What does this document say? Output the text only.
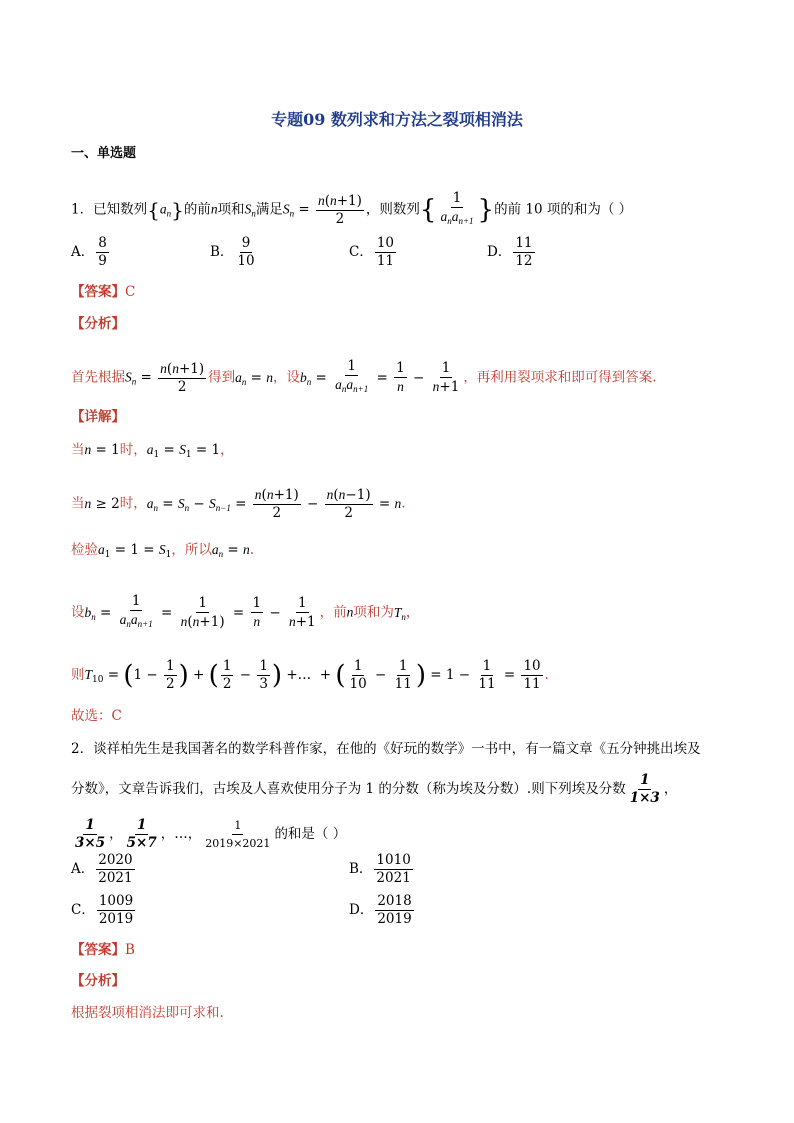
专题09 数列求和方法之裂项相消法
一、单选题
1．已知数列$\{a_n\}$的前n项和$S_n$满足$S_n = \frac{n(n+1)}{2}$ ，则数列{ $\frac{1}{a_na_{n+1}}$ }的前 10 项的和为（ ）
A． $\frac{8}{9}$	B． $\frac{9}{10}$	C． $\frac{10}{11}$	D． $\frac{11}{12}$
【答案】C
【分析】
首先根据$S_n = \frac{n(n+1)}{2}$ 得到$a_n = n$，设$b_n = \frac{1}{a_na_{n+1}} = \frac{1}{n} - \frac{1}{n+1}$ ，再利用裂项求和即可得到答案.
【详解】
当n = 1时，$a_1 = S_1 = 1$，
当n ≥ 2时，$a_n = S_n - S_{n-1} = \frac{n(n+1)}{2} - \frac{n(n-1)}{2} = n$.
检验$a_1 = 1 = S_1$，所以$a_n = n$.
设$b_n = \frac{1}{a_na_{n+1}} = \frac{1}{n(n+1)} = \frac{1}{n} - \frac{1}{n+1}$ ，前n项和为$T_n$，
则$T_{10} = (1 - \frac{1}{2}$ ) + ( $\frac{1}{2} - \frac{1}{3}$ ) +…  + ( $\frac{1}{10} - \frac{1}{11}$ ) = $1 - \frac{1}{11} = \frac{10}{11}$ .
故选：C
2．谈祥柏先生是我国著名的数学科普作家，在他的《好玩的数学》一书中，有一篇文章《五分钟挑出埃及
分数》，文章告诉我们，古埃及人喜欢使用分子为 1 的分数（称为埃及分数）.则下列埃及分数 $\frac{1}{1\times 3}$ ，
$\frac{1}{3\times 5}$ ， $\frac{1}{5\times 7}$ ，…， $\frac{1}{2019\times 2021}$ 的和是（ ）
A． $\frac{2020}{2021}$	B． $\frac{1010}{2021}$
C． $\frac{1009}{2019}$	D． $\frac{2018}{2019}$
【答案】B
【分析】
根据裂项相消法即可求和.
